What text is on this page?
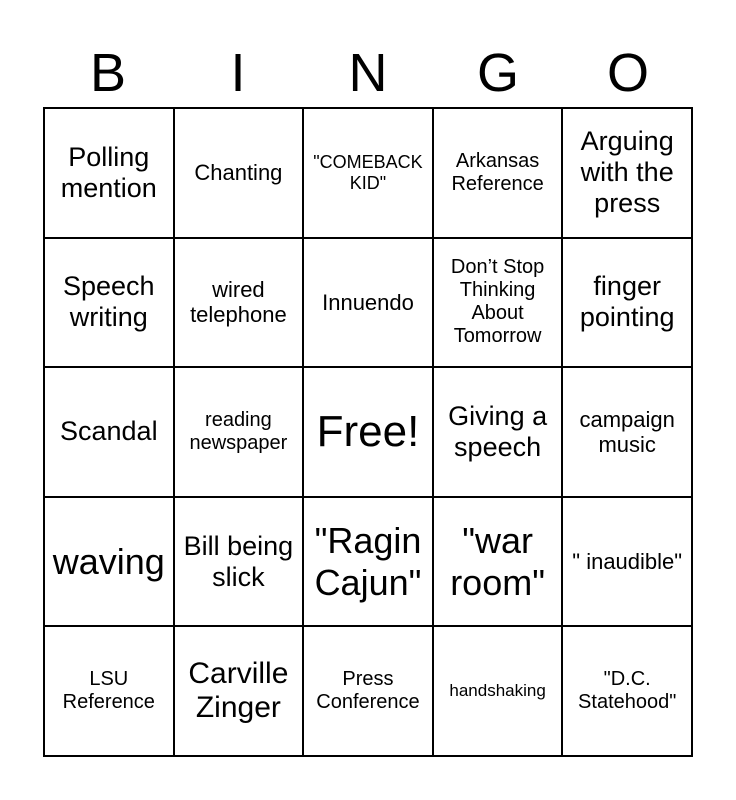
B	I	N	G	O
Polling mention
Chanting "COMEBACK KID"
Arkansas Reference
Arguing with the press
Speech writing
wired telephone
Innuendo
Don’t Stop Thinking About Tomorrow
finger pointing
Scandal	reading newspaper Free!	Giving a speech
campaign music
waving Bill being slick
"Ragin Cajun"
"war room"
" inaudible"
LSU Reference
Carville Zinger
Press Conference
handshaking
"D.C. Statehood"
